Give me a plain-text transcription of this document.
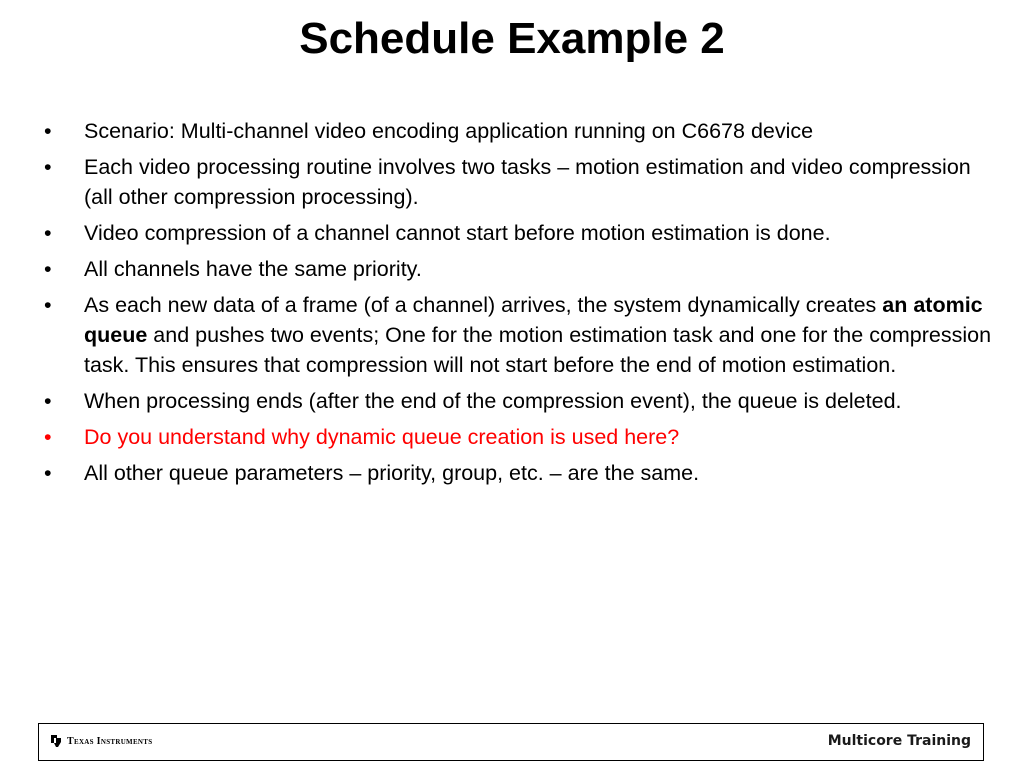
Schedule Example 2
•	Scenario: Multi-channel video encoding application running on C6678 device
•	Each video processing routine involves two tasks – motion estimation and video compression (all other compression processing).
•	Video compression of a channel cannot start before motion estimation is done.
•	All channels have the same priority.
•	As each new data of a frame (of a channel) arrives, the system dynamically creates an atomic queue and pushes two events; One for the motion estimation task and one for the compression task. This ensures that compression will not start before the end of motion estimation.
•	When processing ends (after the end of the compression event), the queue is deleted.
•	Do you understand why dynamic queue creation is used here?
•	All other queue parameters – priority, group, etc. – are the same.
Texas Instruments	Multicore Training
